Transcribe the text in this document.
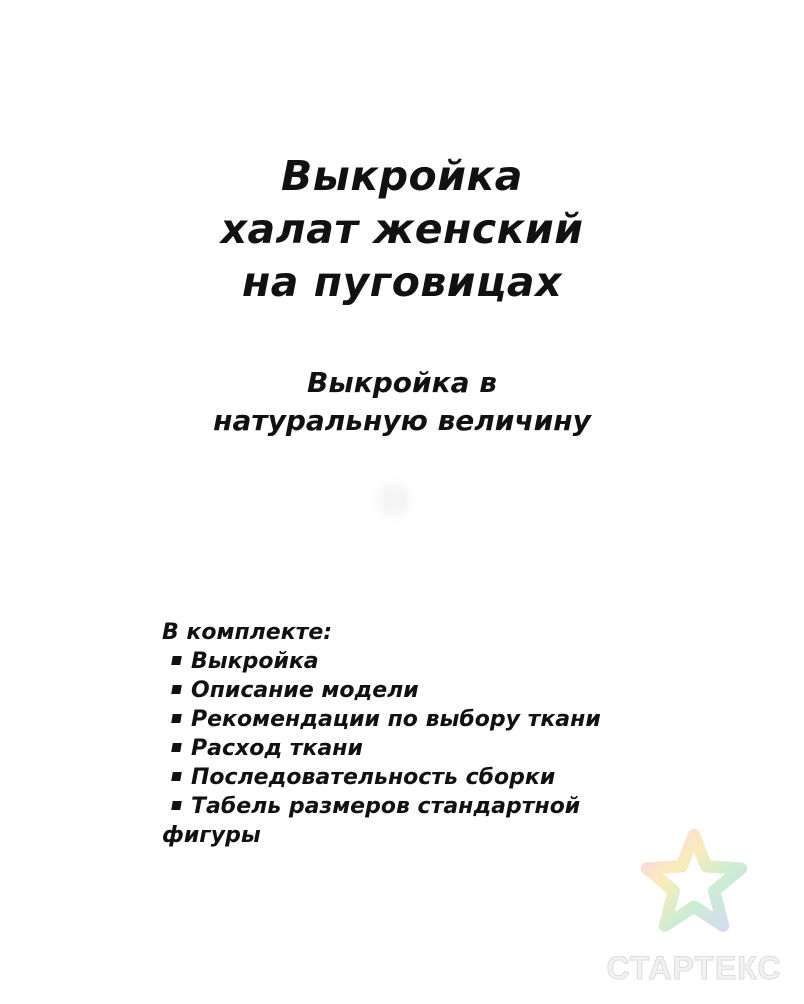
Выкройка
халат женский
на пуговицах
Выкройка в
натуральную величину

В комплекте:
Выкройка
Описание модели
Рекомендации по выбору ткани
Расход ткани
Последовательность сборки
Табель размеров стандартной
фигуры
СТАРТЕКС
